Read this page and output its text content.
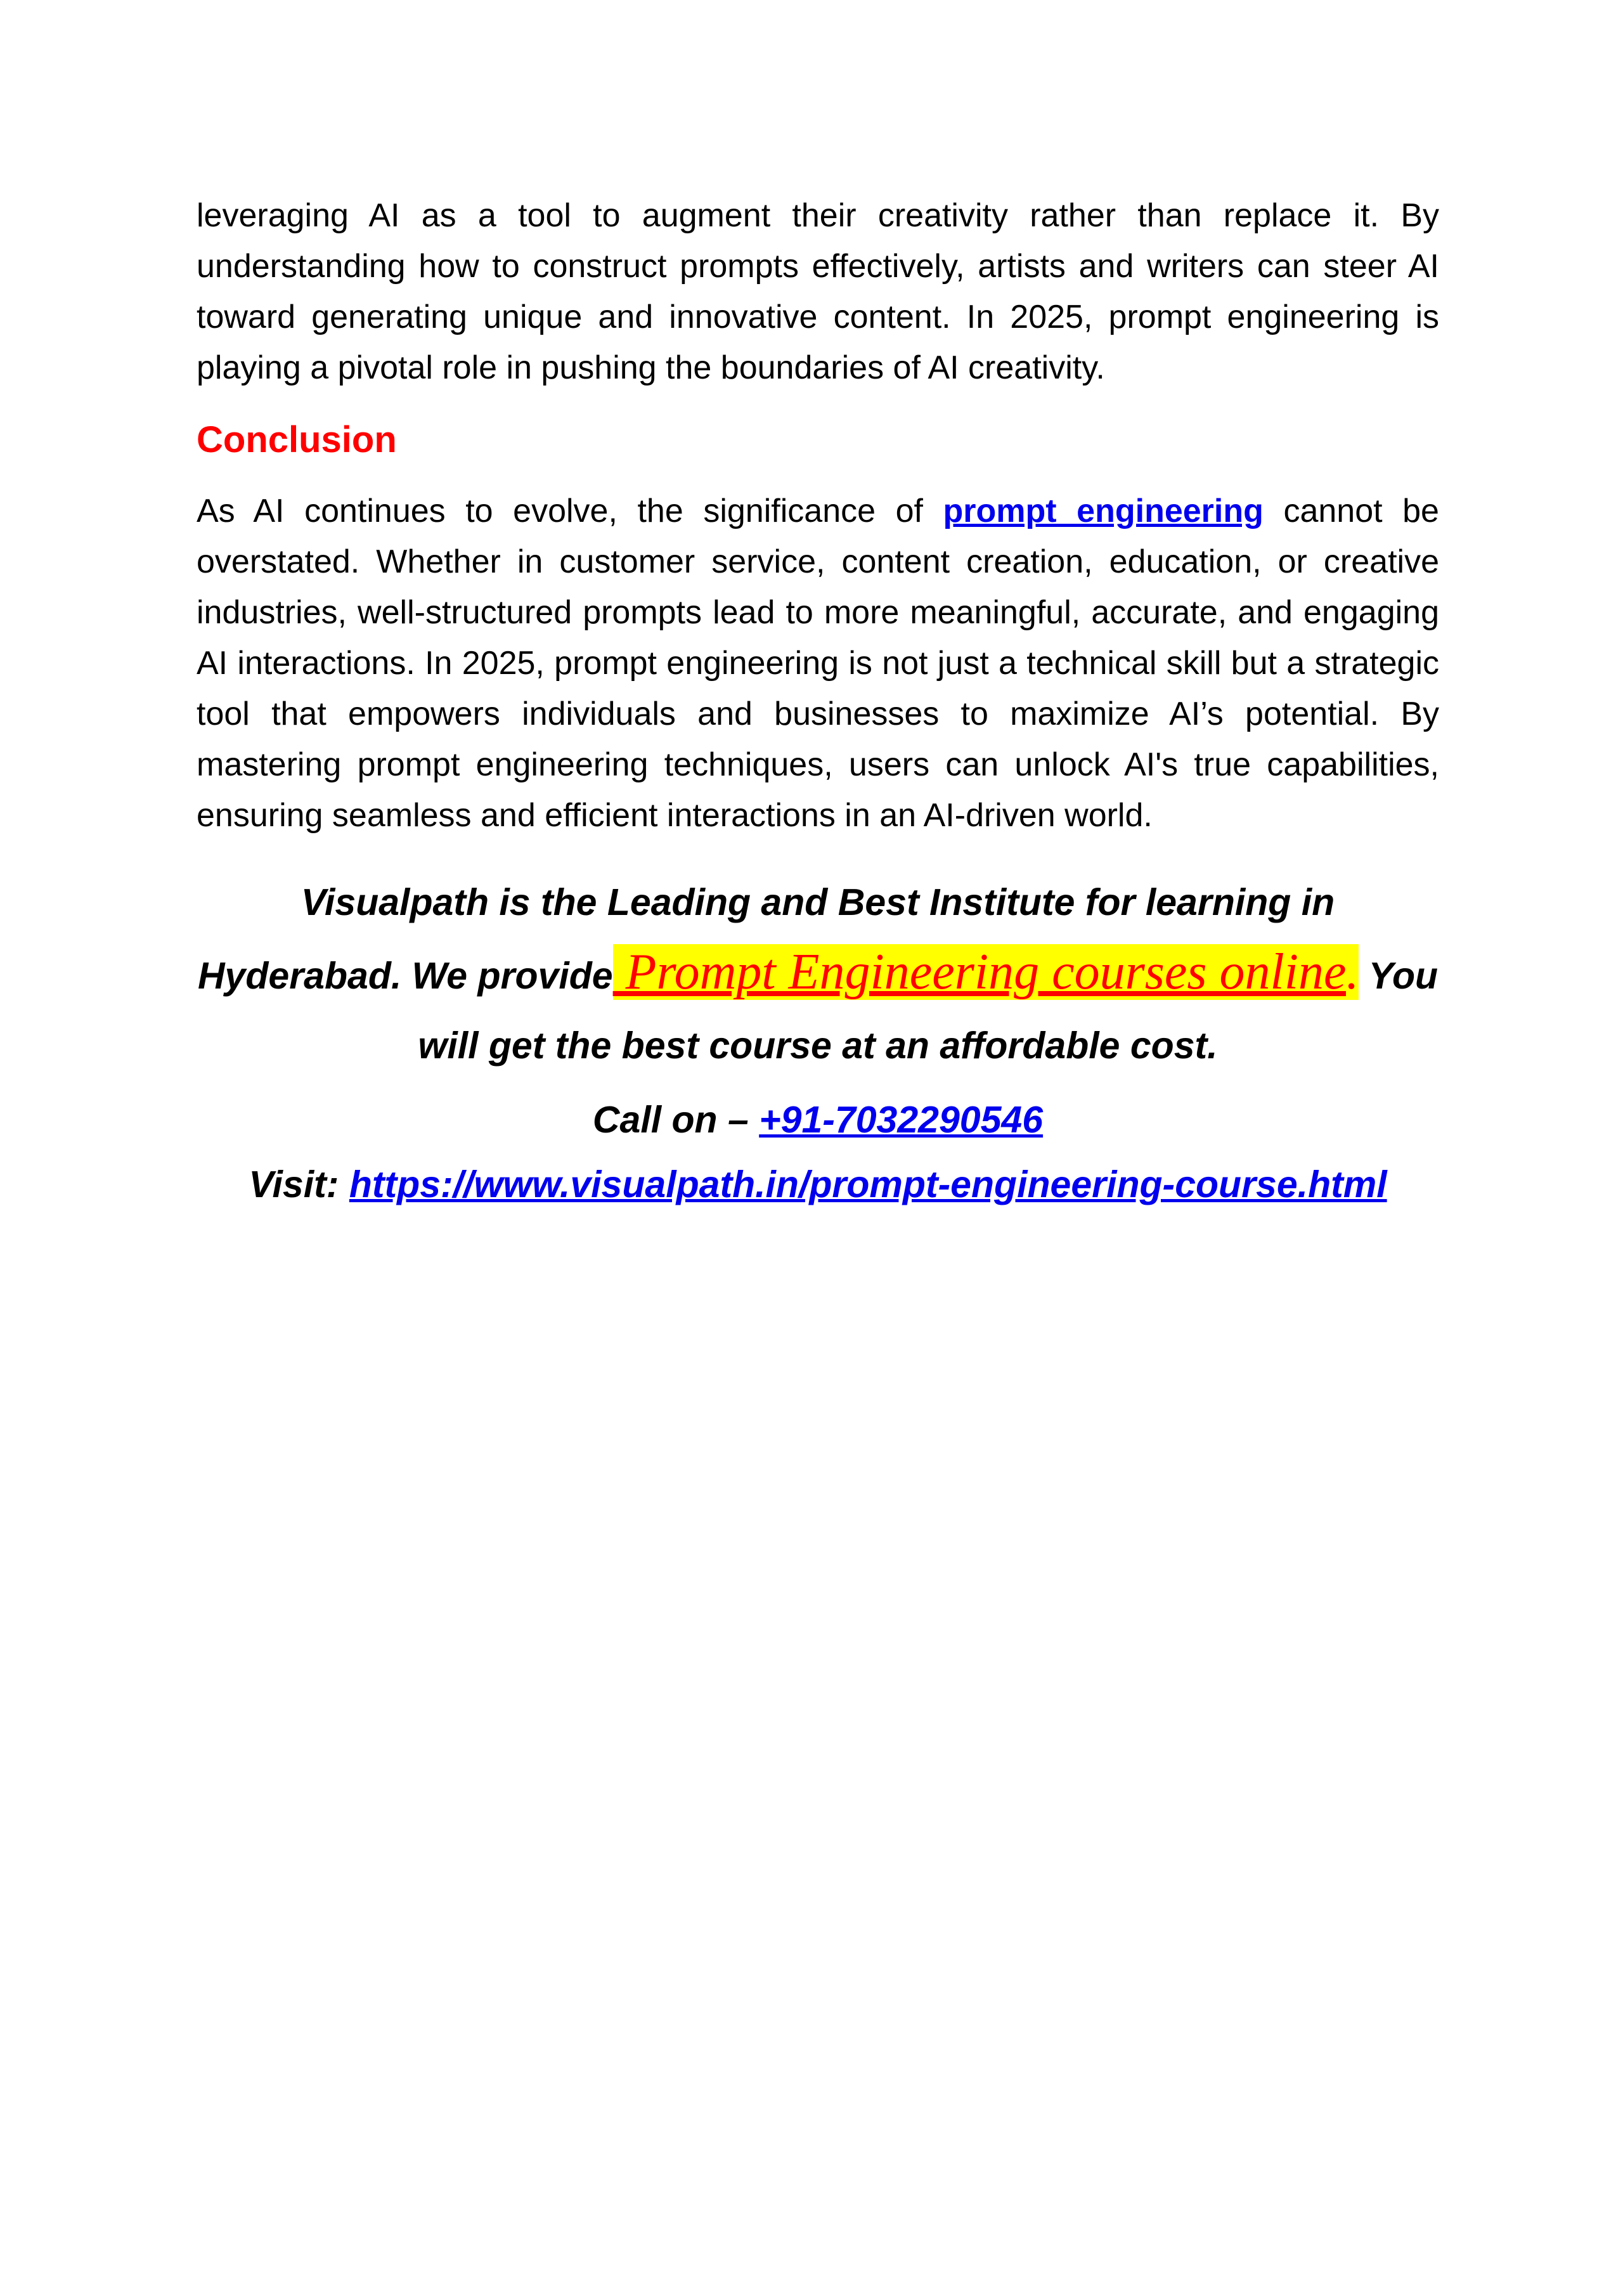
leveraging AI as a tool to augment their creativity rather than replace it. By understanding how to construct prompts effectively, artists and writers can steer AI toward generating unique and innovative content. In 2025, prompt engineering is playing a pivotal role in pushing the boundaries of AI creativity.

Conclusion

As AI continues to evolve, the significance of prompt engineering cannot be overstated. Whether in customer service, content creation, education, or creative industries, well-structured prompts lead to more meaningful, accurate, and engaging AI interactions. In 2025, prompt engineering is not just a technical skill but a strategic tool that empowers individuals and businesses to maximize AI’s potential. By mastering prompt engineering techniques, users can unlock AI's true capabilities, ensuring seamless and efficient interactions in an AI-driven world.

Visualpath is the Leading and Best Institute for learning in Hyderabad. We provide Prompt Engineering courses online. You will get the best course at an affordable cost.
Call on – +91-7032290546
Visit: https://www.visualpath.in/prompt-engineering-course.html
